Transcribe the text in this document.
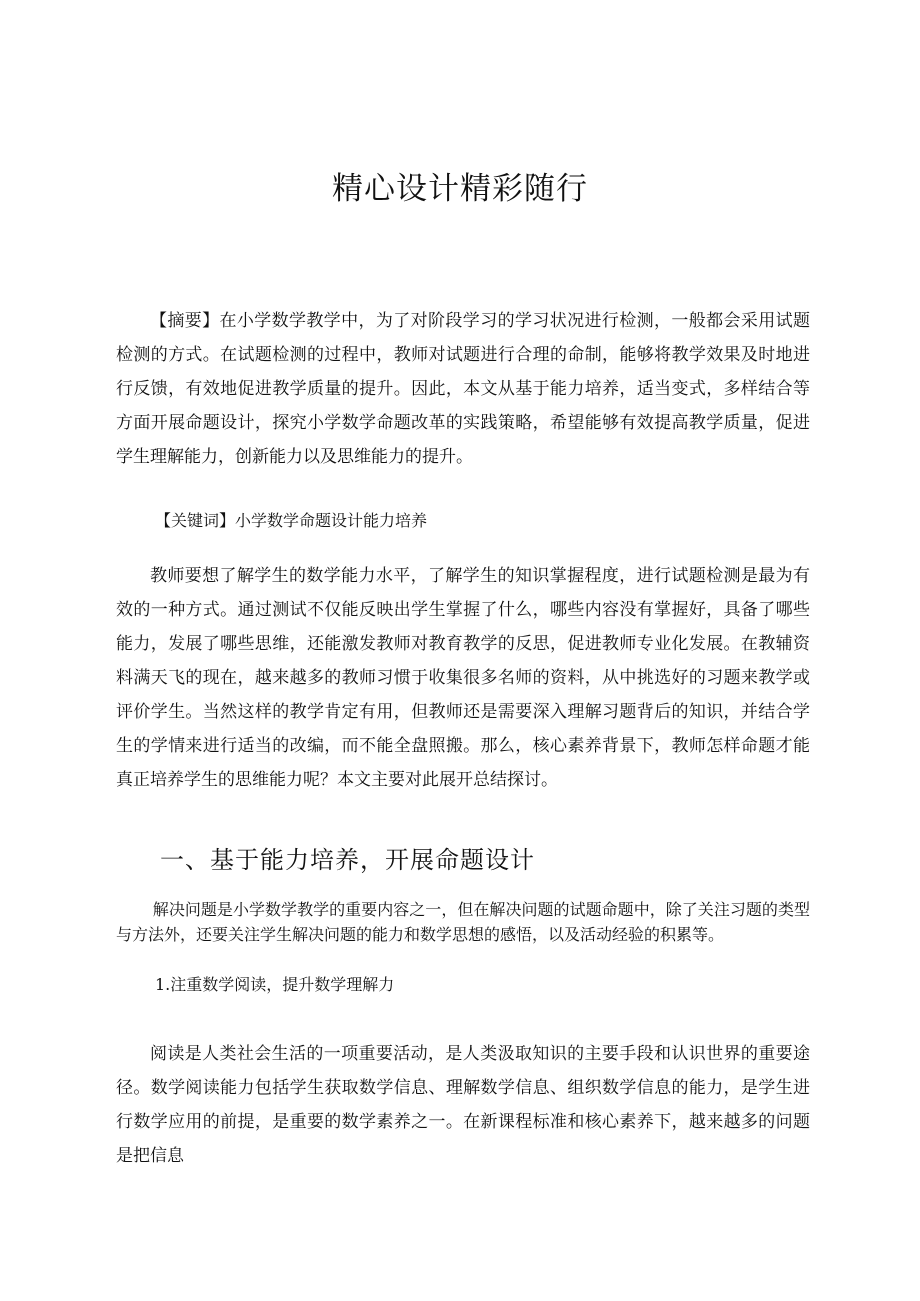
精心设计精彩随行

【摘要】在小学数学教学中，为了对阶段学习的学习状况进行检测，一般都会采用试题检测的方式。在试题检测的过程中，教师对试题进行合理的命制，能够将教学效果及时地进行反馈，有效地促进教学质量的提升。因此，本文从基于能力培养，适当变式，多样结合等方面开展命题设计，探究小学数学命题改革的实践策略，希望能够有效提高教学质量，促进学生理解能力，创新能力以及思维能力的提升。

【关键词】小学数学命题设计能力培养

教师要想了解学生的数学能力水平，了解学生的知识掌握程度，进行试题检测是最为有效的一种方式。通过测试不仅能反映出学生掌握了什么，哪些内容没有掌握好，具备了哪些能力，发展了哪些思维，还能激发教师对教育教学的反思，促进教师专业化发展。在教辅资料满天飞的现在，越来越多的教师习惯于收集很多名师的资料，从中挑选好的习题来教学或评价学生。当然这样的教学肯定有用，但教师还是需要深入理解习题背后的知识，并结合学生的学情来进行适当的改编，而不能全盘照搬。那么，核心素养背景下，教师怎样命题才能真正培养学生的思维能力呢？本文主要对此展开总结探讨。

一、基于能力培养，开展命题设计

解决问题是小学数学教学的重要内容之一，但在解决问题的试题命题中，除了关注习题的类型与方法外，还要关注学生解决问题的能力和数学思想的感悟，以及活动经验的积累等。

1.注重数学阅读，提升数学理解力

阅读是人类社会生活的一项重要活动，是人类汲取知识的主要手段和认识世界的重要途径。数学阅读能力包括学生获取数学信息、理解数学信息、组织数学信息的能力，是学生进行数学应用的前提，是重要的数学素养之一。在新课程标准和核心素养下，越来越多的问题是把信息
